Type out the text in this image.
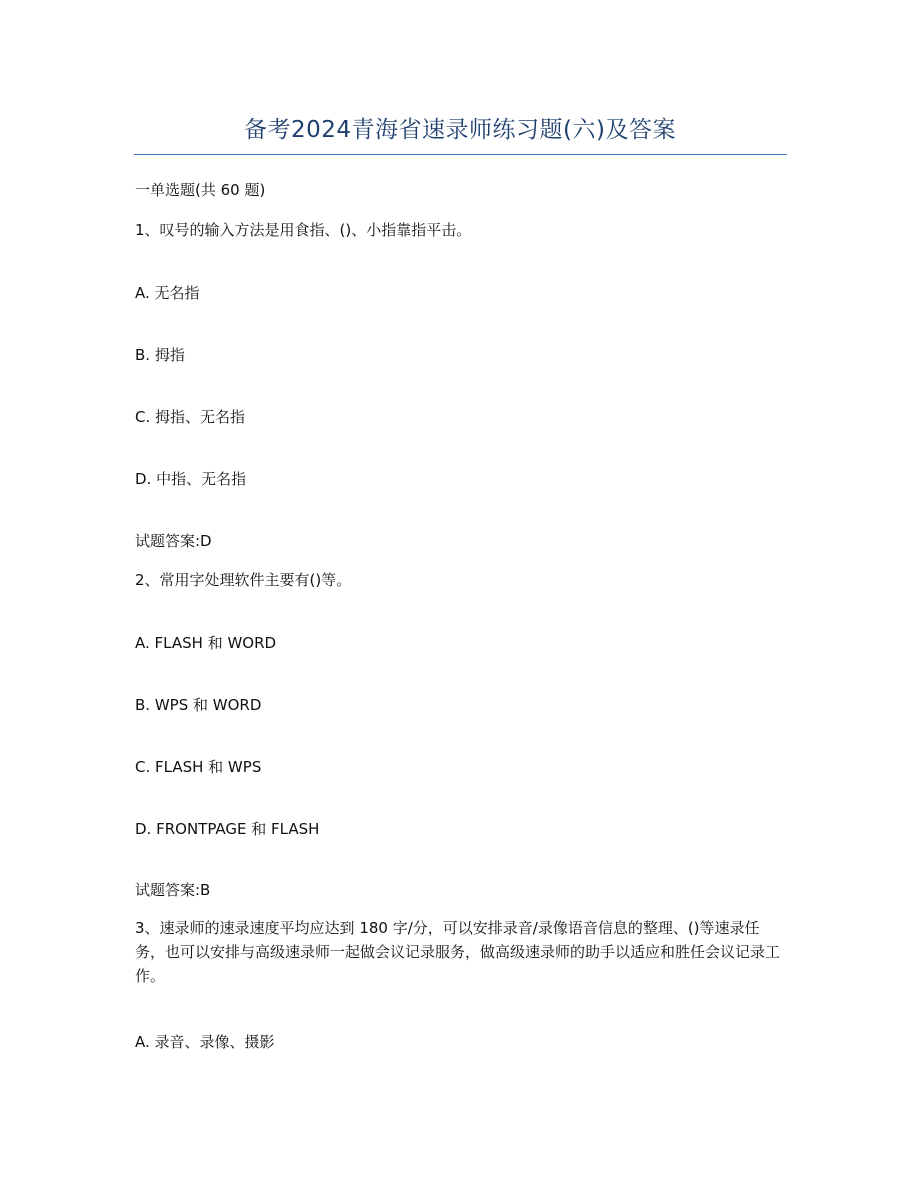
备考2024青海省速录师练习题(六)及答案
一单选题(共 60 题)
1、叹号的输入方法是用食指、()、小指靠指平击。
A. 无名指
B. 拇指
C. 拇指、无名指
D. 中指、无名指
试题答案:D
2、常用字处理软件主要有()等。
A. FLASH 和 WORD
B. WPS 和 WORD
C. FLASH 和 WPS
D. FRONTPAGE 和 FLASH
试题答案:B
3、速录师的速录速度平均应达到 180 字/分，可以安排录音/录像语音信息的整理、()等速录任务，也可以安排与高级速录师一起做会议记录服务，做高级速录师的助手以适应和胜任会议记录工作。
A. 录音、录像、摄影
